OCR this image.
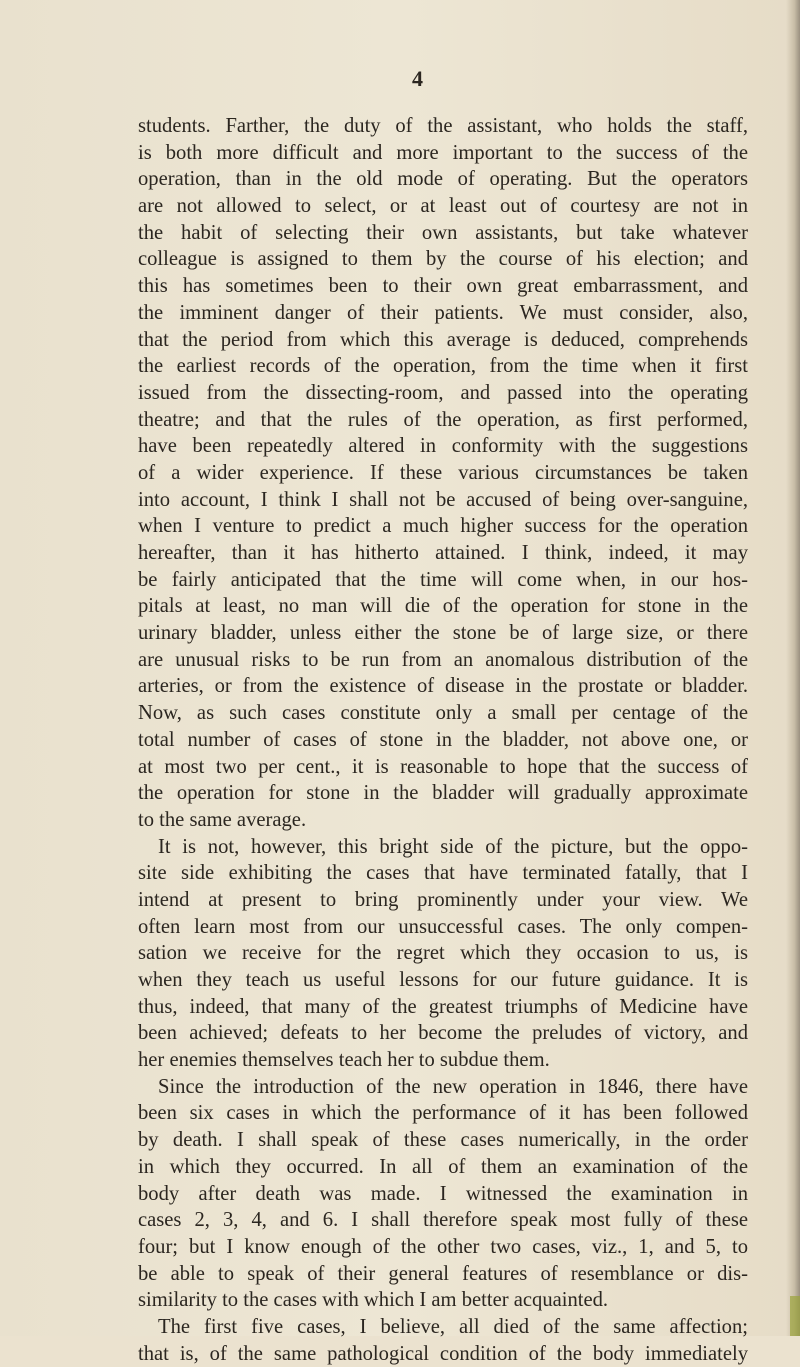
4
students. Farther, the duty of the assistant, who holds the staff,
is both more difficult and more important to the success of the
operation, than in the old mode of operating. But the operators
are not allowed to select, or at least out of courtesy are not in
the habit of selecting their own assistants, but take whatever
colleague is assigned to them by the course of his election; and
this has sometimes been to their own great embarrassment, and
the imminent danger of their patients. We must consider, also,
that the period from which this average is deduced, comprehends
the earliest records of the operation, from the time when it first
issued from the dissecting-room, and passed into the operating
theatre; and that the rules of the operation, as first performed,
have been repeatedly altered in conformity with the suggestions
of a wider experience. If these various circumstances be taken
into account, I think I shall not be accused of being over-sanguine,
when I venture to predict a much higher success for the operation
hereafter, than it has hitherto attained. I think, indeed, it may
be fairly anticipated that the time will come when, in our hos-
pitals at least, no man will die of the operation for stone in the
urinary bladder, unless either the stone be of large size, or there
are unusual risks to be run from an anomalous distribution of the
arteries, or from the existence of disease in the prostate or bladder.
Now, as such cases constitute only a small per centage of the
total number of cases of stone in the bladder, not above one, or
at most two per cent., it is reasonable to hope that the success of
the operation for stone in the bladder will gradually approximate
to the same average.
It is not, however, this bright side of the picture, but the oppo-
site side exhibiting the cases that have terminated fatally, that I
intend at present to bring prominently under your view. We
often learn most from our unsuccessful cases. The only compen-
sation we receive for the regret which they occasion to us, is
when they teach us useful lessons for our future guidance. It is
thus, indeed, that many of the greatest triumphs of Medicine have
been achieved; defeats to her become the preludes of victory, and
her enemies themselves teach her to subdue them.
Since the introduction of the new operation in 1846, there have
been six cases in which the performance of it has been followed
by death. I shall speak of these cases numerically, in the order
in which they occurred. In all of them an examination of the
body after death was made. I witnessed the examination in
cases 2, 3, 4, and 6. I shall therefore speak most fully of these
four; but I know enough of the other two cases, viz., 1, and 5, to
be able to speak of their general features of resemblance or dis-
similarity to the cases with which I am better acquainted.
The first five cases, I believe, all died of the same affection;
that is, of the same pathological condition of the body immediately
